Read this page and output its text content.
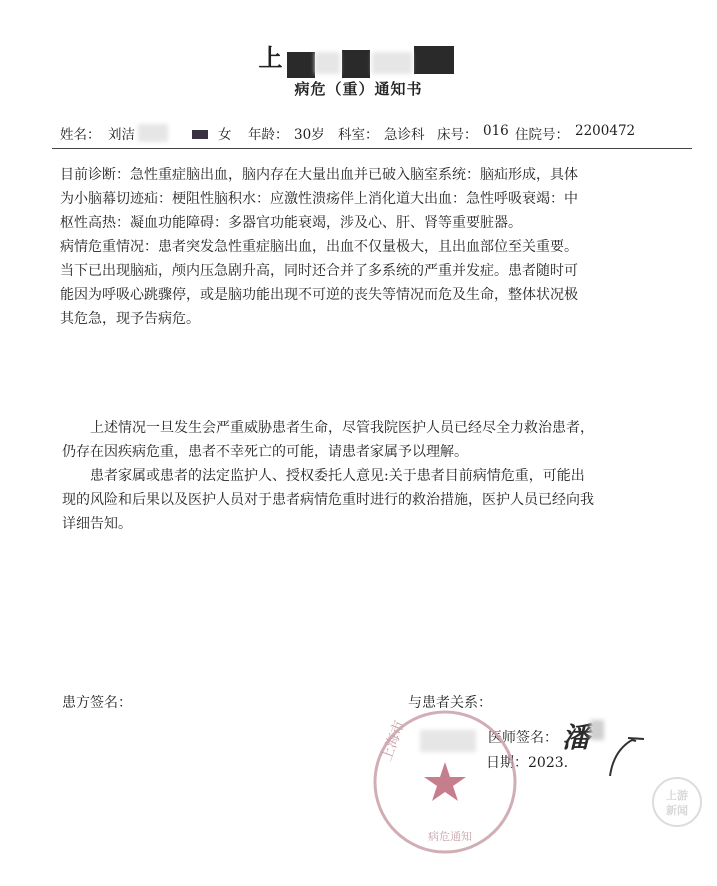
上
病危（重）通知书
姓名： 刘洁	女 年龄： 30岁 科室： 急诊科 床号： 016 住院号： 2200472
目前诊断：急性重症脑出血，脑内存在大量出血并已破入脑室系统：脑疝形成，具体
为小脑幕切迹疝：梗阻性脑积水：应激性溃疡伴上消化道大出血：急性呼吸衰竭：中
枢性高热：凝血功能障碍：多器官功能衰竭，涉及心、肝、肾等重要脏器。
病情危重情况：患者突发急性重症脑出血，出血不仅量极大，且出血部位至关重要。
当下已出现脑疝，颅内压急剧升高，同时还合并了多系统的严重并发症。患者随时可
能因为呼吸心跳骤停，或是脑功能出现不可逆的丧失等情况而危及生命，整体状况极
其危急，现予告病危。
上述情况一旦发生会严重威胁患者生命，尽管我院医护人员已经尽全力救治患者，
仍存在因疾病危重，患者不幸死亡的可能，请患者家属予以理解。
患者家属或患者的法定监护人、授权委托人意见:关于患者目前病情危重，可能出
现的风险和后果以及医护人员对于患者病情危重时进行的救治措施，医护人员已经向我
详细告知。
患方签名：	与患者关系：
医师签名： 潘
日期：2023.
上海市
病危通知
上游
新闻
